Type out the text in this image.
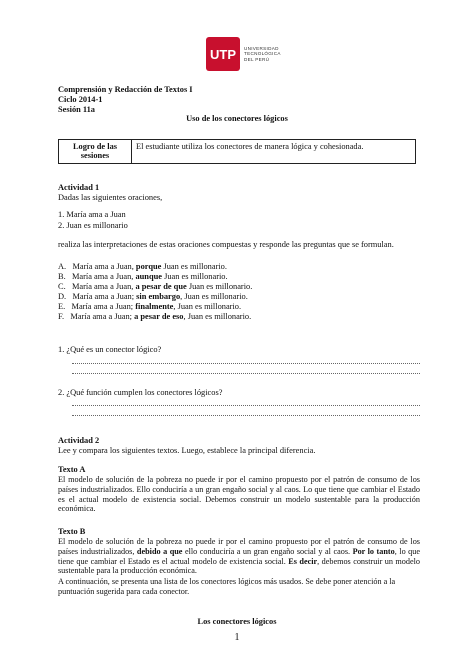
UTP UNIVERSIDAD
TECNOLÓGICA
DEL PERÚ
Comprensión y Redacción de Textos I
Ciclo 2014-1
Sesión 11a
Uso de los conectores lógicos
Logro de las sesiones
El estudiante utiliza los conectores de manera lógica y cohesionada.
Actividad 1
Dadas las siguientes oraciones,
1. María ama a Juan
2. Juan es millonario
realiza las interpretaciones de estas oraciones compuestas y responde las preguntas que se formulan.
A. María ama a Juan, porque Juan es millonario.
B. María ama a Juan, aunque Juan es millonario.
C. María ama a Juan, a pesar de que Juan es millonario.
D. María ama a Juan; sin embargo, Juan es millonario.
E. María ama a Juan; finalmente, Juan es millonario.
F. María ama a Juan; a pesar de eso, Juan es millonario.
1. ¿Qué es un conector lógico?
2. ¿Qué función cumplen los conectores lógicos?
Actividad 2
Lee y compara los siguientes textos. Luego, establece la principal diferencia.
Texto A
El modelo de solución de la pobreza no puede ir por el camino propuesto por el patrón de consumo de los países industrializados. Ello conduciría a un gran engaño social y al caos. Lo que tiene que cambiar el Estado es el actual modelo de existencia social. Debemos construir un modelo sustentable para la producción económica.
Texto B
El modelo de solución de la pobreza no puede ir por el camino propuesto por el patrón de consumo de los países industrializados, debido a que ello conduciría a un gran engaño social y al caos. Por lo tanto, lo que tiene que cambiar el Estado es el actual modelo de existencia social. Es decir, debemos construir un modelo sustentable para la producción económica.
A continuación, se presenta una lista de los conectores lógicos más usados. Se debe poner atención a la puntuación sugerida para cada conector.
Los conectores lógicos
1
